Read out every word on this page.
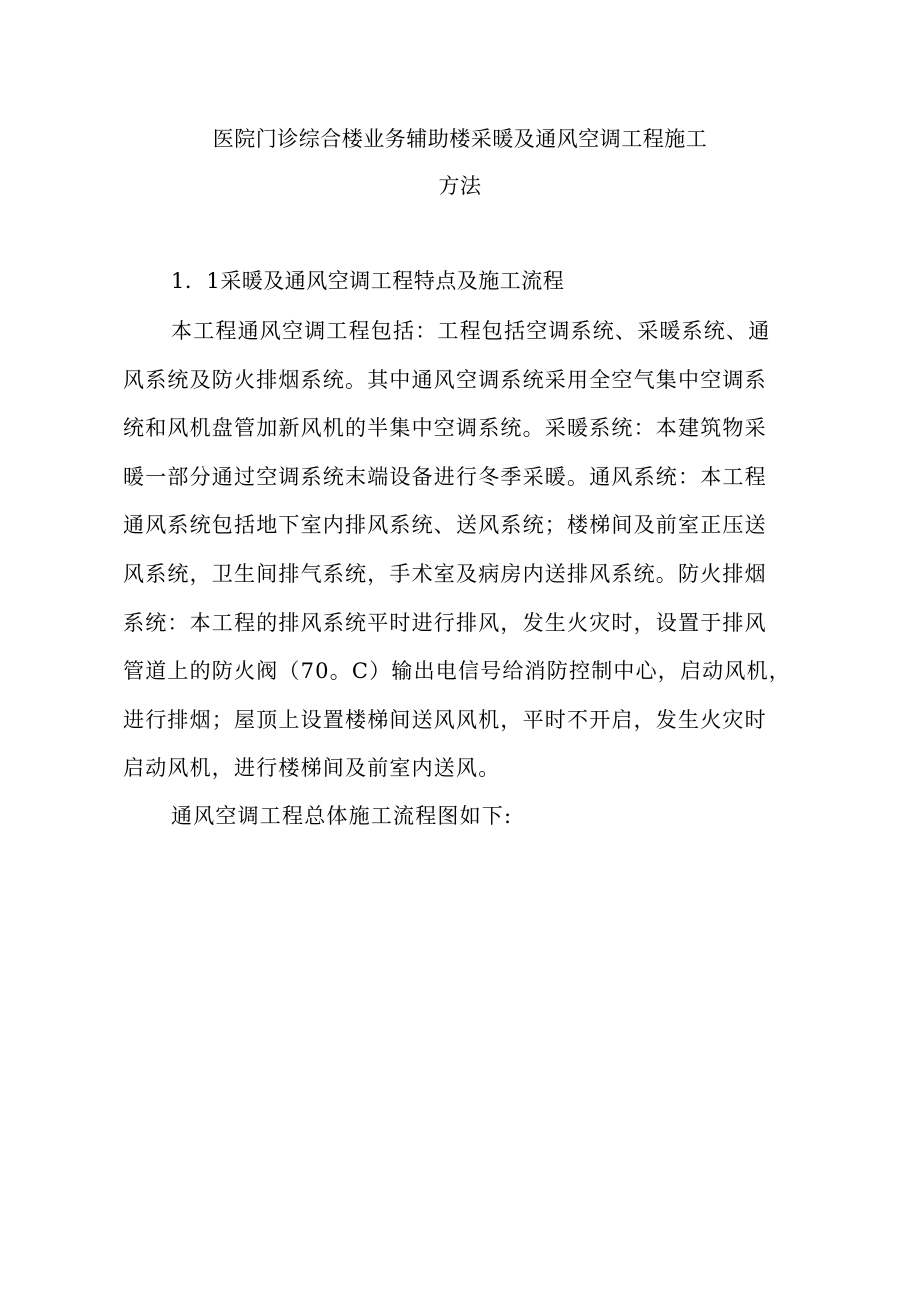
医院门诊综合楼业务辅助楼采暖及通风空调工程施工
方法
1．1采暖及通风空调工程特点及施工流程
本工程通风空调工程包括：工程包括空调系统、采暖系统、通
风系统及防火排烟系统。其中通风空调系统采用全空气集中空调系
统和风机盘管加新风机的半集中空调系统。采暖系统：本建筑物采
暖一部分通过空调系统末端设备进行冬季采暖。通风系统：本工程
通风系统包括地下室内排风系统、送风系统；楼梯间及前室正压送
风系统，卫生间排气系统，手术室及病房内送排风系统。防火排烟
系统：本工程的排风系统平时进行排风，发生火灾时，设置于排风
管道上的防火阀（70。C）输出电信号给消防控制中心，启动风机，
进行排烟；屋顶上设置楼梯间送风风机，平时不开启，发生火灾时
启动风机，进行楼梯间及前室内送风。
通风空调工程总体施工流程图如下:
